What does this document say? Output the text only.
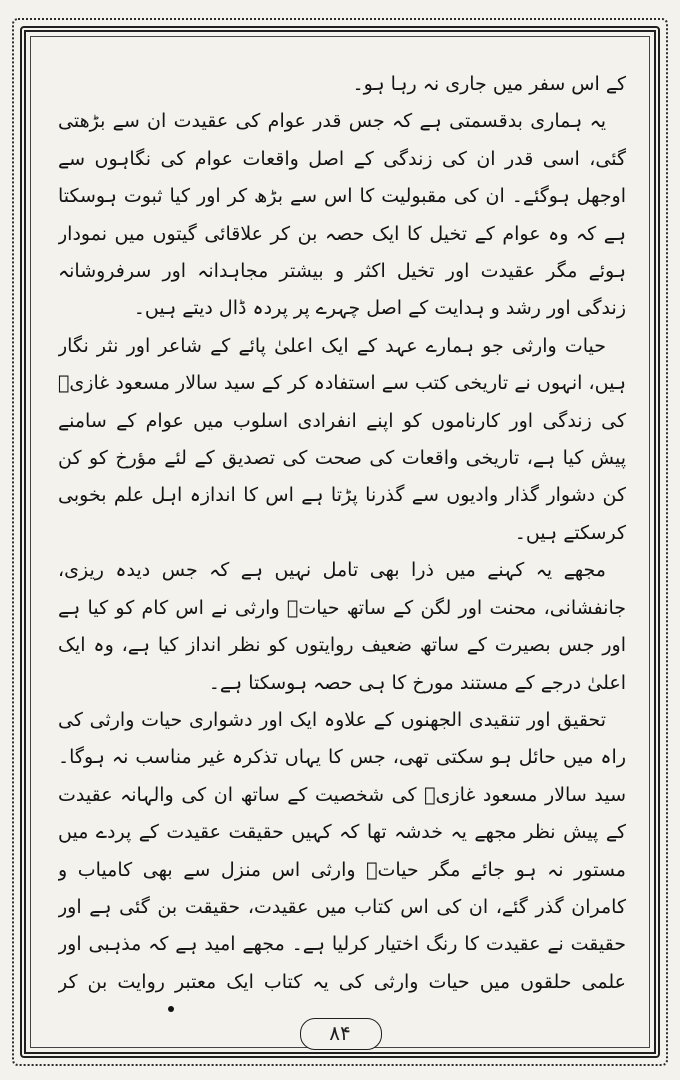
کے اس سفر میں جاری نہ رہا ہو۔

یہ ہماری بدقسمتی ہے کہ جس قدر عوام کی عقیدت ان سے بڑھتی گئی، اسی قدر ان کی زندگی کے اصل واقعات عوام کی نگاہوں سے اوجھل ہوگئے۔ ان کی مقبولیت کا اس سے بڑھ کر اور کیا ثبوت ہوسکتا ہے کہ وہ عوام کے تخیل کا ایک حصہ بن کر علاقائی گیتوں میں نمودار ہوئے مگر عقیدت اور تخیل اکثر و بیشتر مجاہدانہ اور سرفروشانہ زندگی اور رشد و ہدایت کے اصل چہرے پر پردہ ڈال دیتے ہیں۔

حیات وارثی جو ہمارے عہد کے ایک اعلیٰ پائے کے شاعر اور نثر نگار ہیں، انہوں نے تاریخی کتب سے استفادہ کر کے سید سالار مسعود غازیؒ کی زندگی اور کارناموں کو اپنے انفرادی اسلوب میں عوام کے سامنے پیش کیا ہے، تاریخی واقعات کی صحت کی تصدیق کے لئے مؤرخ کو کن کن دشوار گذار وادیوں سے گذرنا پڑتا ہے اس کا اندازہ اہل علم بخوبی کرسکتے ہیں۔

مجھے یہ کہنے میں ذرا بھی تامل نہیں ہے کہ جس دیدہ ریزی، جانفشانی، محنت اور لگن کے ساتھ حیاتؔ وارثی نے اس کام کو کیا ہے اور جس بصیرت کے ساتھ ضعیف روایتوں کو نظر انداز کیا ہے، وہ ایک اعلیٰ درجے کے مستند مورخ کا ہی حصہ ہوسکتا ہے۔

تحقیق اور تنقیدی الجھنوں کے علاوہ ایک اور دشواری حیات وارثی کی راہ میں حائل ہو سکتی تھی، جس کا یہاں تذکرہ غیر مناسب نہ ہوگا۔ سید سالار مسعود غازیؒ کی شخصیت کے ساتھ ان کی والہانہ عقیدت کے پیش نظر مجھے یہ خدشہ تھا کہ کہیں حقیقت عقیدت کے پردے میں مستور نہ ہو جائے مگر حیاتؔ وارثی اس منزل سے بھی کامیاب و کامران گذر گئے، ان کی اس کتاب میں عقیدت، حقیقت بن گئی ہے اور حقیقت نے عقیدت کا رنگ اختیار کرلیا ہے۔ مجھے امید ہے کہ مذہبی اور علمی حلقوں میں حیات وارثی کی یہ کتاب ایک معتبر روایت بن کر

۸۴
